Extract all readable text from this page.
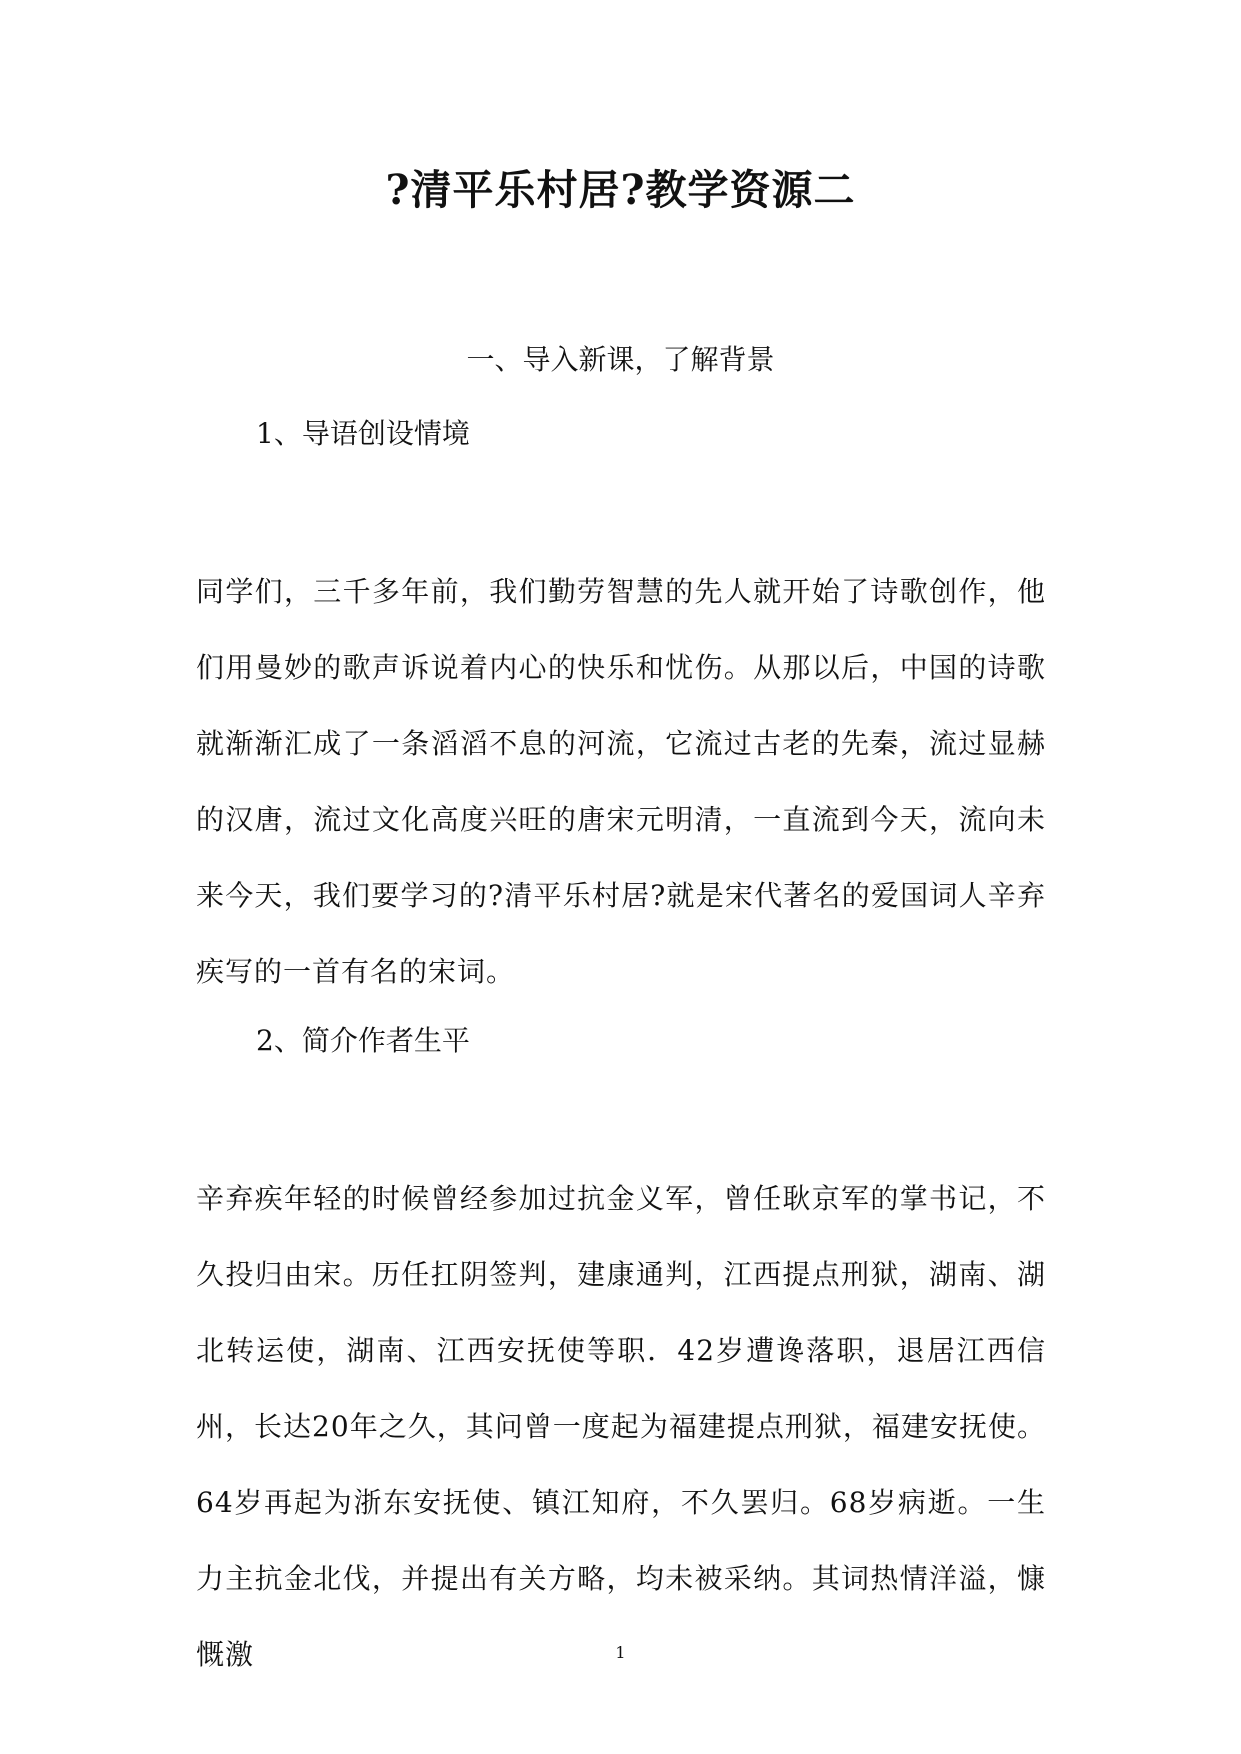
?清平乐村居?教学资源二
一、导入新课，了解背景
1、导语创设情境
同学们，三千多年前，我们勤劳智慧的先人就开始了诗歌创作，他们用曼妙的歌声诉说着内心的快乐和忧伤。从那以后，中国的诗歌就渐渐汇成了一条滔滔不息的河流，它流过古老的先秦，流过显赫的汉唐，流过文化高度兴旺的唐宋元明清，一直流到今天，流向未来今天，我们要学习的?清平乐村居?就是宋代著名的爱国词人辛弃疾写的一首有名的宋词。
2、简介作者生平
辛弃疾年轻的时候曾经参加过抗金义军，曾任耿京军的掌书记，不久投归由宋。历任扛阴签判，建康通判，江西提点刑狱，湖南、湖北转运使，湖南、江西安抚使等职．42岁遭谗落职，退居江西信州，长达20年之久，其问曾一度起为福建提点刑狱，福建安抚使。64岁再起为浙东安抚使、镇江知府，不久罢归。68岁病逝。一生力主抗金北伐，并提出有关方略，均未被采纳。其词热情洋溢，慷慨激	1
